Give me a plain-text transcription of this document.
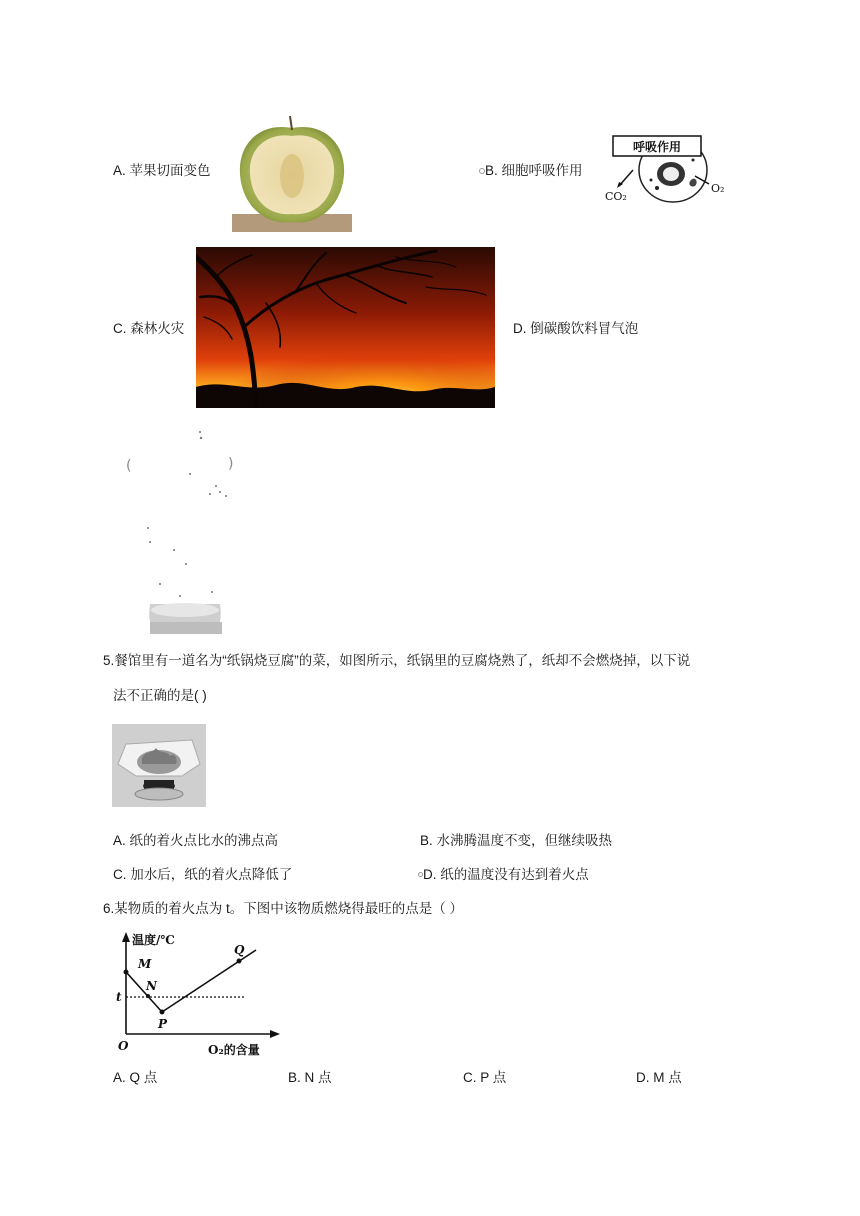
A. 苹果切面变色	B. 细胞呼吸作用
呼吸作用
CO₂
O₂
C. 森林火灾	D. 倒碳酸饮料冒气泡
(	)
5.餐馆里有一道名为“纸锅烧豆腐”的菜，如图所示，纸锅里的豆腐烧熟了，纸却不会燃烧掉，以下说
法不正确的是( )
A. 纸的着火点比水的沸点高	B. 水沸腾温度不变，但继续吸热
C. 加水后，纸的着火点降低了	D. 纸的温度没有达到着火点
6.某物质的着火点为 t。下图中该物质燃烧得最旺的点是（ ）
温度/℃
O₂的含量
O
t
M
N
P
Q
A. Q 点	B. N 点	C. P 点	D. M 点
